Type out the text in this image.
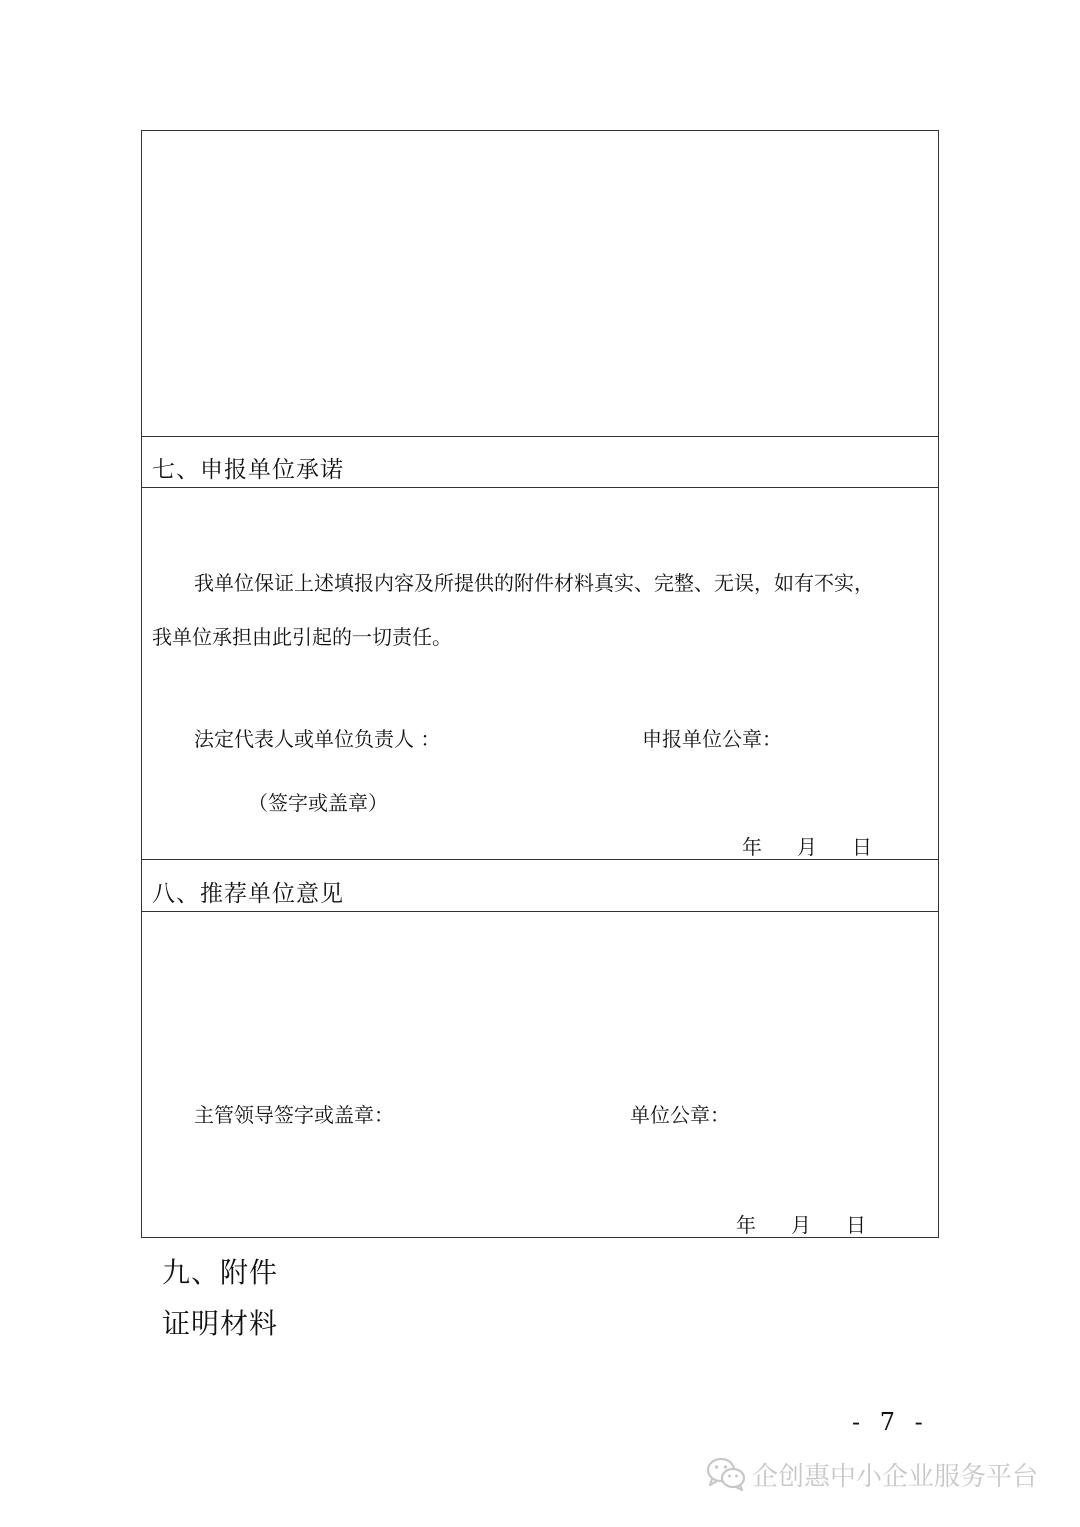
七、申报单位承诺
我单位保证上述填报内容及所提供的附件材料真实、完整、无误，如有不实，
我单位承担由此引起的一切责任。
法定代表人或单位负责人 ：	申报单位公章：
（签字或盖章）
年 月 日
八、推荐单位意见
主管领导签字或盖章：	单位公章：
年 月 日
九、附件
证明材料
- 7 -
企创惠中小企业服务平台
